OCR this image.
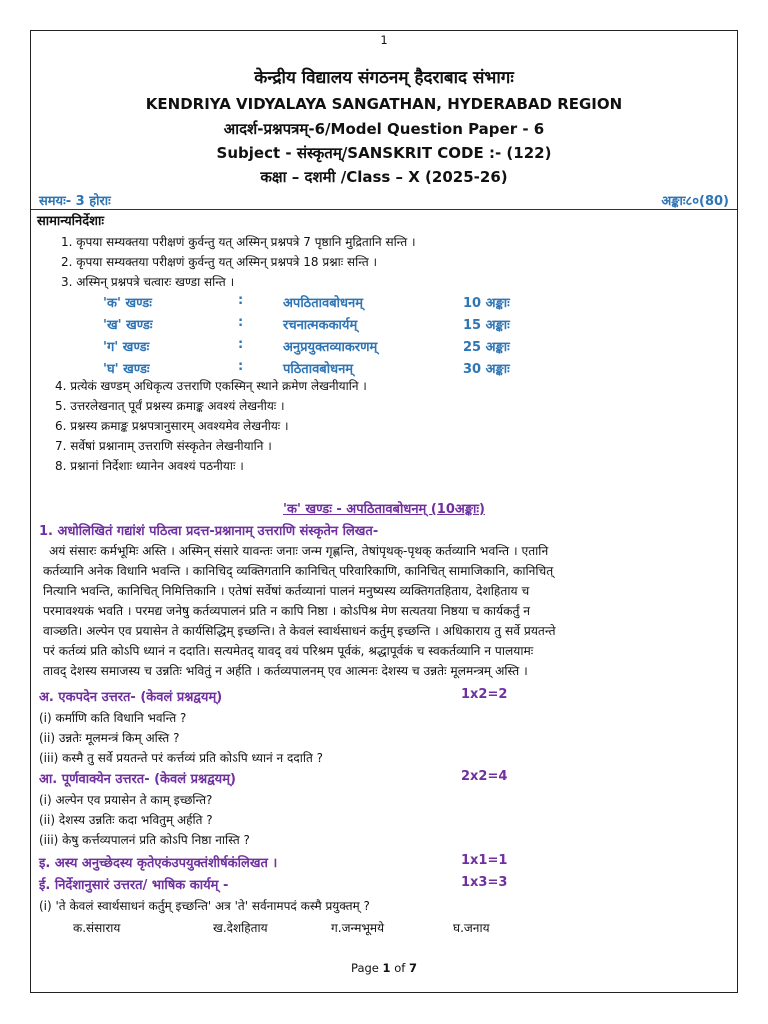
1
केन्द्रीय विद्यालय संगठनम् हैदराबाद संभागः
KENDRIYA VIDYALAYA SANGATHAN, HYDERABAD REGION
आदर्श-प्रश्नपत्रम्-6/Model Question Paper - 6
Subject - संस्कृतम्/SANSKRIT CODE :- (122)
कक्षा – दशमी /Class – X (2025-26)
समयः- 3 होराः	अङ्काः८०(80)
सामान्यनिर्देशाः
1. कृपया सम्यक्तया परीक्षणं कुर्वन्तु यत् अस्मिन् प्रश्नपत्रे 7 पृष्ठानि मुद्रितानि सन्ति ।
2. कृपया सम्यक्तया परीक्षणं कुर्वन्तु यत् अस्मिन् प्रश्नपत्रे 18 प्रश्नाः सन्ति ।
3. अस्मिन् प्रश्नपत्रे चत्वारः खण्डा सन्ति ।
'क' खण्डः	:	अपठितावबोधनम्	10 अङ्काः
'ख' खण्डः	:	रचनात्मककार्यम्	15 अङ्काः
'ग' खण्डः	:	अनुप्रयुक्तव्याकरणम्	25 अङ्काः
'घ' खण्डः	:	पठितावबोधनम्	30 अङ्काः
4. प्रत्येकं खण्डम् अधिकृत्य उत्तराणि एकस्मिन् स्थाने क्रमेण लेखनीयानि ।
5. उत्तरलेखनात् पूर्वं प्रश्नस्य क्रमाङ्क अवश्यं लेखनीयः ।
6. प्रश्नस्य क्रमाङ्क प्रश्नपत्रानुसारम् अवश्यमेव लेखनीयः ।
7. सर्वेषां प्रश्नानाम् उत्तराणि संस्कृतेन लेखनीयानि ।
8. प्रश्नानां निर्देशाः ध्यानेन अवश्यं पठनीयाः ।
'क' खण्डः - अपठितावबोधनम् (10अङ्काः)
1. अधोलिखितं गद्यांशं पठित्वा प्रदत्त-प्रश्नानाम् उत्तराणि संस्कृतेन लिखत-
अयं संसारः कर्मभूमिः अस्ति । अस्मिन् संसारे यावन्तः जनाः जन्म गृह्णन्ति, तेषांपृथक्-पृथक् कर्तव्यानि भवन्ति । एतानि
कर्तव्यानि अनेक विधानि भवन्ति । कानिचिद् व्यक्तिगतानि कानिचित् परिवारिकाणि, कानिचित् सामाजिकानि, कानिचित्
नित्यानि भवन्ति, कानिचित् निमित्तिकानि । एतेषां सर्वेषां कर्तव्यानां पालनं मनुष्यस्य व्यक्तिगतहिताय, देशहिताय च
परमावश्यकं भवति । परमद्य जनेषु कर्तव्यपालनं प्रति न कापि निष्ठा । कोऽपिश्र मेण सत्यतया निष्ठया च कार्यकर्तुं न
वाञ्छति। अल्पेन एव प्रयासेन ते कार्यसिद्धिम् इच्छन्ति। ते केवलं स्वार्थसाधनं कर्तुम् इच्छन्ति । अधिकाराय तु सर्वे प्रयतन्ते
परं कर्तव्यं प्रति कोऽपि ध्यानं न ददाति। सत्यमेतद् यावद् वयं परिश्रम पूर्वकं, श्रद्धापूर्वकं च स्वकर्तव्यानि न पालयामः
तावद् देशस्य समाजस्य च उन्नतिः भवितुं न अर्हति । कर्तव्यपालनम् एव आत्मनः देशस्य च उन्नतेः मूलमन्त्रम् अस्ति ।
अ. एकपदेन उत्तरत- (केवलं प्रश्नद्वयम्)	1x2=2
(i) कर्माणि कति विधानि भवन्ति ?
(ii) उन्नतेः मूलमन्त्रं किम् अस्ति ?
(iii) कस्मै तु सर्वे प्रयतन्ते परं कर्त्तव्यं प्रति कोऽपि ध्यानं न ददाति ?
आ. पूर्णवाक्येन उत्तरत- (केवलं प्रश्नद्वयम्)	2x2=4
(i) अल्पेन एव प्रयासेन ते काम् इच्छन्ति?
(ii) देशस्य उन्नतिः कदा भवितुम् अर्हति ?
(iii) केषु कर्त्तव्यपालनं प्रति कोऽपि निष्ठा नास्ति ?
इ. अस्य अनुच्छेदस्य कृतेएकंउपयुक्तंशीर्षकंलिखत ।	1x1=1
ई. निर्देशानुसारं उत्तरत/ भाषिक कार्यम् -	1x3=3
(i) 'ते केवलं स्वार्थसाधनं कर्तुम् इच्छन्ति' अत्र 'ते' सर्वनामपदं कस्मै प्रयुक्तम् ?
क.संसाराय	ख.देशहिताय	ग.जन्मभूमये	घ.जनाय
Page 1 of 7
